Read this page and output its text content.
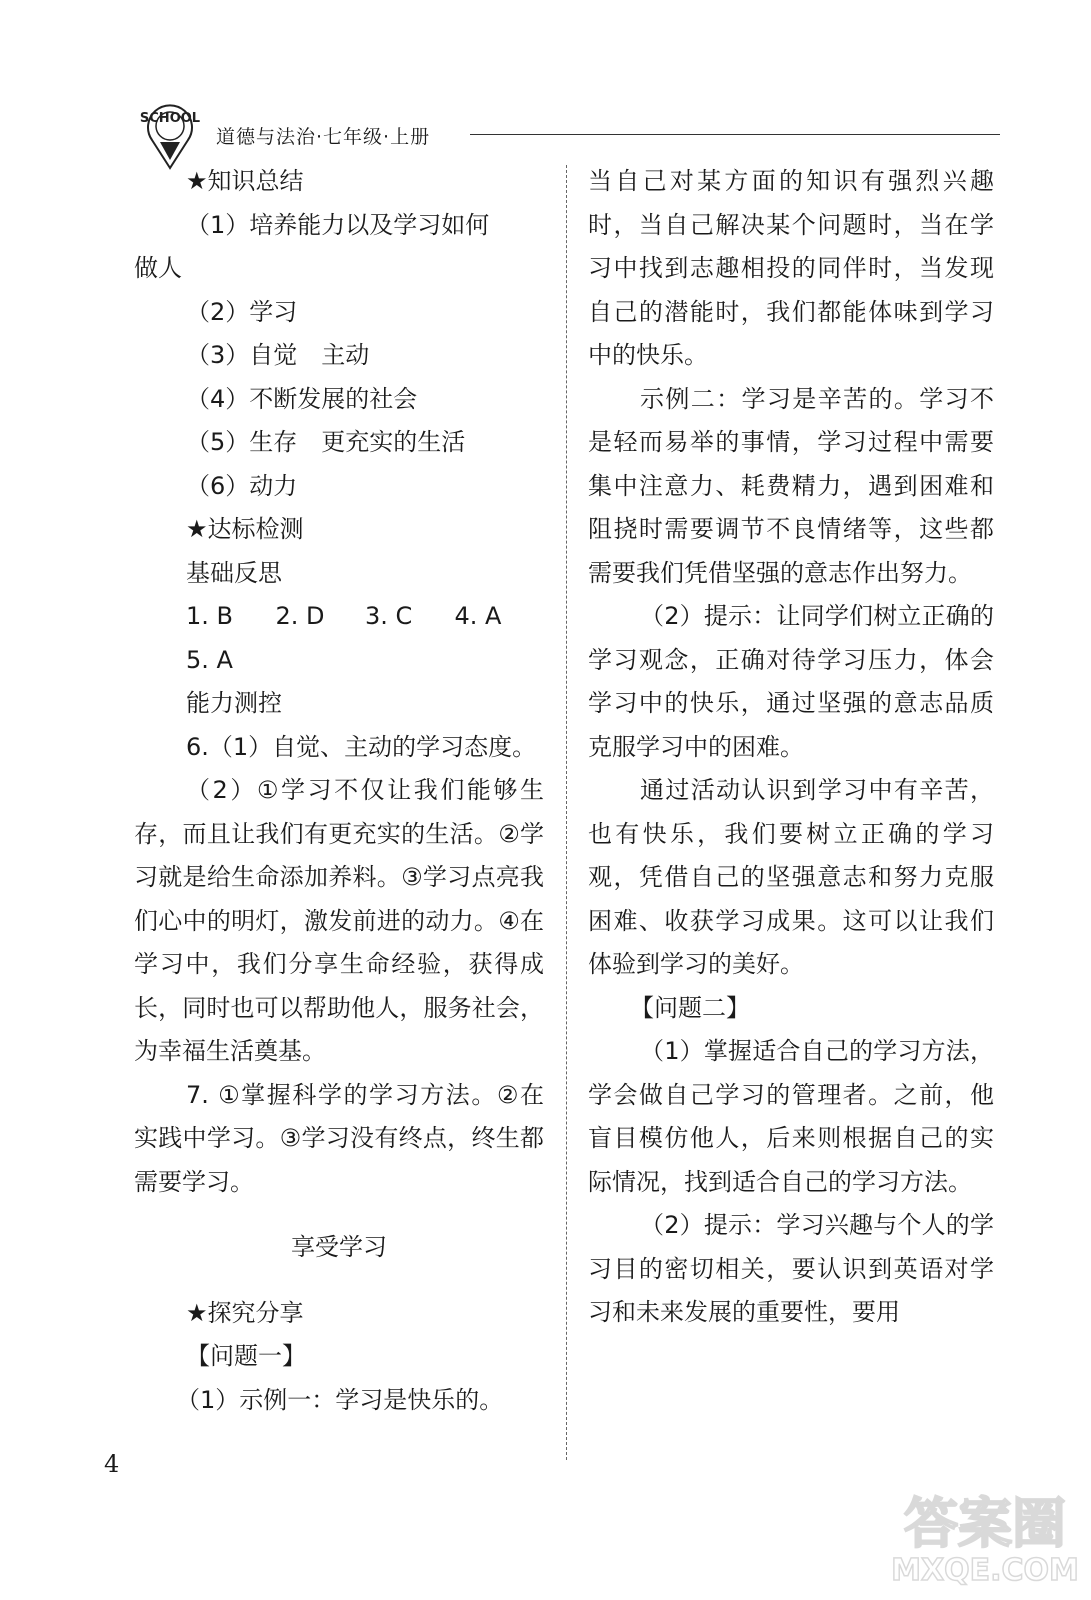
SCHOOL
道德与法治·七年级·上册

★知识总结

（1）培养能力以及学习如何

做人

（2）学习

（3）自觉　主动

（4）不断发展的社会

（5）生存　更充实的生活

（6）动力

★达标检测

基础反思

1. B	2. D	3. C	4. A

5. A

能力测控

6.（1）自觉、主动的学习态度。

（2）①学习不仅让我们能够生存，而且让我们有更充实的生活。②学习就是给生命添加养料。③学习点亮我们心中的明灯，激发前进的动力。④在学习中，我们分享生命经验，获得成长，同时也可以帮助他人，服务社会，为幸福生活奠基。

7. ①掌握科学的学习方法。②在实践中学习。③学习没有终点，终生都需要学习。

享受学习

★探究分享

【问题一】

（1）示例一：学习是快乐的。

当自己对某方面的知识有强烈兴趣时，当自己解决某个问题时，当在学习中找到志趣相投的同伴时，当发现自己的潜能时，我们都能体味到学习中的快乐。

示例二：学习是辛苦的。学习不是轻而易举的事情，学习过程中需要集中注意力、耗费精力，遇到困难和阻挠时需要调节不良情绪等，这些都需要我们凭借坚强的意志作出努力。

（2）提示：让同学们树立正确的学习观念，正确对待学习压力，体会学习中的快乐，通过坚强的意志品质克服学习中的困难。

通过活动认识到学习中有辛苦，也有快乐，我们要树立正确的学习观，凭借自己的坚强意志和努力克服困难、收获学习成果。这可以让我们体验到学习的美好。

【问题二】

（1）掌握适合自己的学习方法，学会做自己学习的管理者。之前，他盲目模仿他人，后来则根据自己的实际情况，找到适合自己的学习方法。

（2）提示：学习兴趣与个人的学习目的密切相关，要认识到英语对学习和未来发展的重要性，要用

4
答案圈
MXQE.COM
